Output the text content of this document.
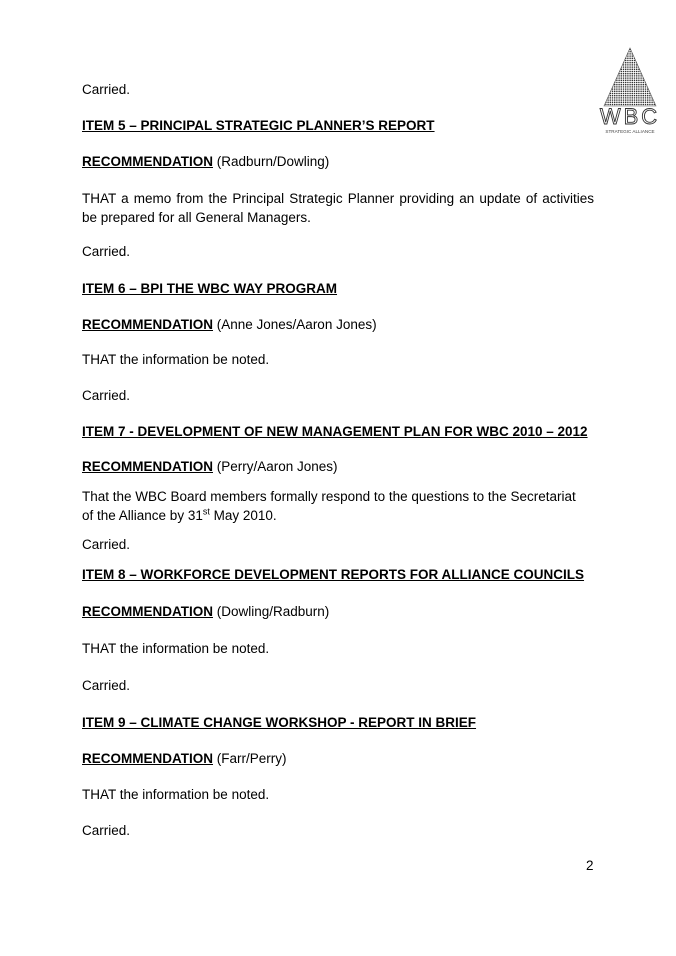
WBC
STRATEGIC ALLIANCE
Carried.
ITEM 5 – PRINCIPAL STRATEGIC PLANNER’S REPORT
RECOMMENDATION (Radburn/Dowling)
THAT a memo from the Principal Strategic Planner providing an update of activities be prepared for all General Managers.
Carried.
ITEM 6 – BPI THE WBC WAY PROGRAM
RECOMMENDATION (Anne Jones/Aaron Jones)
THAT the information be noted.
Carried.
ITEM 7 - DEVELOPMENT OF NEW MANAGEMENT PLAN FOR WBC 2010 – 2012
RECOMMENDATION (Perry/Aaron Jones)
That the WBC Board members formally respond to the questions to the Secretariat
of the Alliance by 31st May 2010.
Carried.
ITEM 8 – WORKFORCE DEVELOPMENT REPORTS FOR ALLIANCE COUNCILS
RECOMMENDATION (Dowling/Radburn)
THAT the information be noted.
Carried.
ITEM 9 – CLIMATE CHANGE WORKSHOP - REPORT IN BRIEF
RECOMMENDATION (Farr/Perry)
THAT the information be noted.
Carried.
2
